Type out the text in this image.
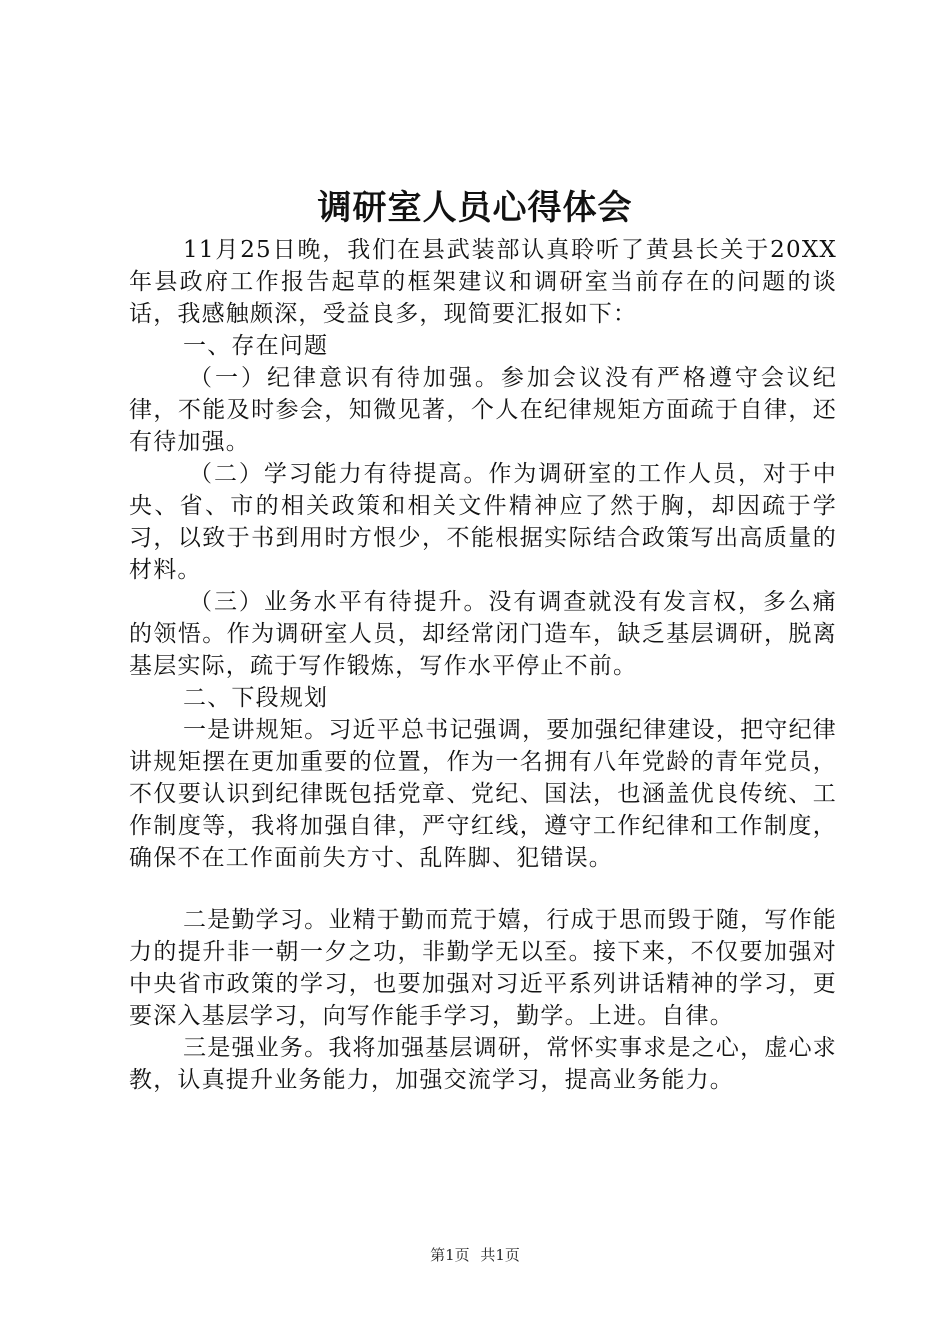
调研室人员心得体会

11月25日晚，我们在县武装部认真聆听了黄县长关于20XX年县政府工作报告起草的框架建议和调研室当前存在的问题的谈话，我感触颇深，受益良多，现简要汇报如下：

一、存在问题

（一）纪律意识有待加强。参加会议没有严格遵守会议纪律，不能及时参会，知微见著，个人在纪律规矩方面疏于自律，还有待加强。

（二）学习能力有待提高。作为调研室的工作人员，对于中央、省、市的相关政策和相关文件精神应了然于胸，却因疏于学习，以致于书到用时方恨少，不能根据实际结合政策写出高质量的材料。

（三）业务水平有待提升。没有调查就没有发言权，多么痛的领悟。作为调研室人员，却经常闭门造车，缺乏基层调研，脱离基层实际，疏于写作锻炼，写作水平停止不前。

二、下段规划

一是讲规矩。习近平总书记强调，要加强纪律建设，把守纪律讲规矩摆在更加重要的位置，作为一名拥有八年党龄的青年党员，不仅要认识到纪律既包括党章、党纪、国法，也涵盖优良传统、工作制度等，我将加强自律，严守红线，遵守工作纪律和工作制度，确保不在工作面前失方寸、乱阵脚、犯错误。

二是勤学习。业精于勤而荒于嬉，行成于思而毁于随，写作能力的提升非一朝一夕之功，非勤学无以至。接下来，不仅要加强对中央省市政策的学习，也要加强对习近平系列讲话精神的学习，更要深入基层学习，向写作能手学习，勤学。上进。自律。

三是强业务。我将加强基层调研，常怀实事求是之心，虚心求教，认真提升业务能力，加强交流学习，提高业务能力。

第1页 共1页
